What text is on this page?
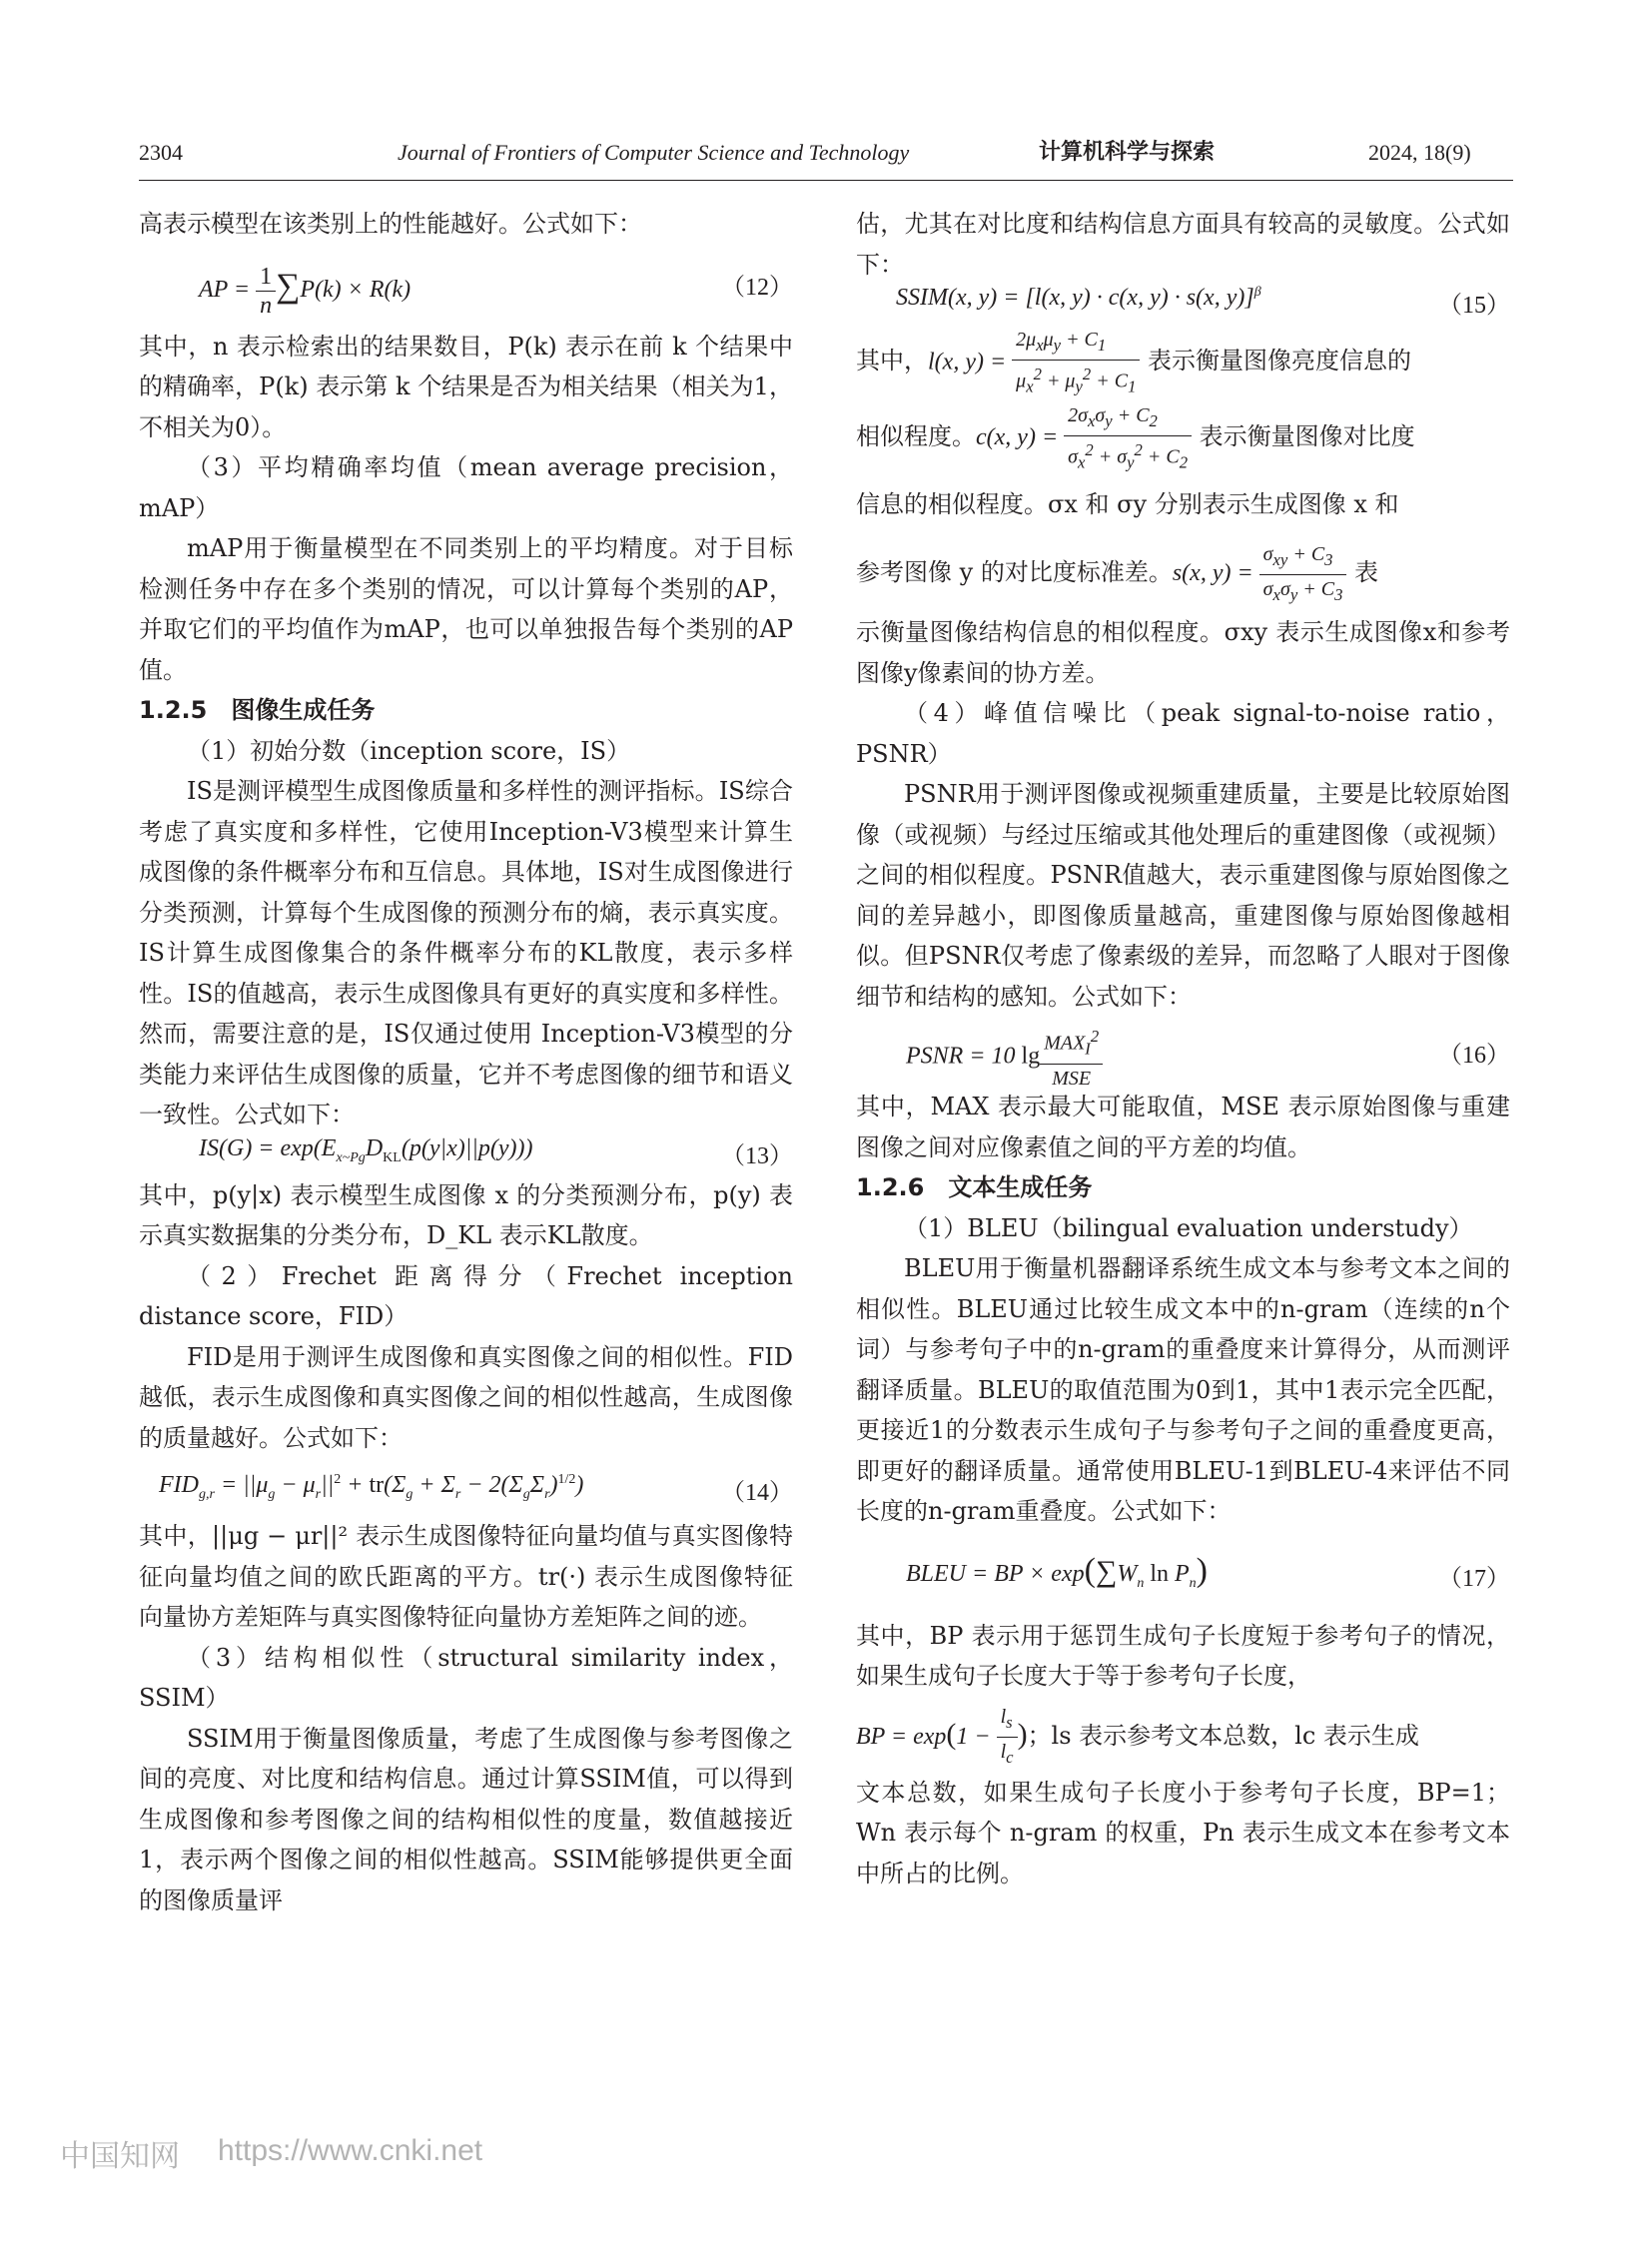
2304	Journal of Frontiers of Computer Science and Technology	计算机科学与探索	2024, 18(9)

高表示模型在该类别上的性能越好。公式如下：

AP = $\frac{1}{n} \sum P(k) \times R(k)$	（12）

其中，n 表示检索出的结果数目，P(k) 表示在前 k 个结果中的精确率，P(k) 表示第 k 个结果是否为相关结果（相关为1，不相关为0）。

（3）平均精确率均值（mean average precision，mAP）

mAP用于衡量模型在不同类别上的平均精度。对于目标检测任务中存在多个类别的情况，可以计算每个类别的AP，并取它们的平均值作为mAP，也可以单独报告每个类别的AP值。

1.2.5　图像生成任务

（1）初始分数（inception score，IS）

IS是测评模型生成图像质量和多样性的测评指标。IS综合考虑了真实度和多样性，它使用Inception-V3模型来计算生成图像的条件概率分布和互信息。具体地，IS对生成图像进行分类预测，计算每个生成图像的预测分布的熵，表示真实度。IS计算生成图像集合的条件概率分布的KL散度，表示多样性。IS的值越高，表示生成图像具有更好的真实度和多样性。然而，需要注意的是，IS仅通过使用 Inception-V3模型的分类能力来评估生成图像的质量，它并不考虑图像的细节和语义一致性。公式如下：

$IS(G) = \exp(E_{x\sim Pg}D_{KL}(p(y|x)||p(y)))$	（13）

其中，p(y|x) 表示模型生成图像 x 的分类预测分布，p(y) 表示真实数据集的分类分布，D_KL 表示KL散度。

（2）Frechet 距离得分（Frechet inception distance score，FID）

FID是用于测评生成图像和真实图像之间的相似性。FID越低，表示生成图像和真实图像之间的相似性越高，生成图像的质量越好。公式如下：

$FID_{g,r} = ||\mu_g - \mu_r||^2 + tr(\Sigma_g + \Sigma_r - 2(\Sigma_g\Sigma_r)^{1/2})$	（14）

其中，||μg − μr||² 表示生成图像特征向量均值与真实图像特征向量均值之间的欧氏距离的平方。tr(·) 表示生成图像特征向量协方差矩阵与真实图像特征向量协方差矩阵之间的迹。

（3）结构相似性（structural similarity index，SSIM）

SSIM用于衡量图像质量，考虑了生成图像与参考图像之间的亮度、对比度和结构信息。通过计算SSIM值，可以得到生成图像和参考图像之间的结构相似性的度量，数值越接近1，表示两个图像之间的相似性越高。SSIM能够提供更全面的图像质量评

估，尤其在对比度和结构信息方面具有较高的灵敏度。公式如下：

SSIM(x, y) = [l(x, y) · c(x, y) · s(x, y)]$^\beta$
（15）

其中，l(x, $y) = \frac{2\mu_x\mu_y + C_1}{\mu_x^2 + \mu_y^2 + C_1}$ 表示衡量图像亮度信息的

相似程度。c(x, $y) = \frac{2\sigma_x\sigma_y + C_2}{\sigma_x^2 + \sigma_y^2 + C_2}$ 表示衡量图像对比度

信息的相似程度。σx 和 σy 分别表示生成图像 x 和

参考图像 y 的对比度标准差。s(x, $y) = \frac{\sigma_{xy} + C_3}{\sigma_x\sigma_y + C_3}$ 表

示衡量图像结构信息的相似程度。σxy 表示生成图像x和参考图像y像素间的协方差。

（4）峰值信噪比（peak signal-to-noise ratio，PSNR）

PSNR用于测评图像或视频重建质量，主要是比较原始图像（或视频）与经过压缩或其他处理后的重建图像（或视频）之间的相似程度。PSNR值越大，表示重建图像与原始图像之间的差异越小，即图像质量越高，重建图像与原始图像越相似。但PSNR仅考虑了像素级的差异，而忽略了人眼对于图像细节和结构的感知。公式如下：

PSNR = 10 $\lg \frac{MAX_I^2}{\text{MSE}}$	（16）

其中，MAX 表示最大可能取值，MSE 表示原始图像与重建图像之间对应像素值之间的平方差的均值。

1.2.6　文本生成任务

（1）BLEU（bilingual evaluation understudy）

BLEU用于衡量机器翻译系统生成文本与参考文本之间的相似性。BLEU通过比较生成文本中的n-gram（连续的n个词）与参考句子中的n-gram的重叠度来计算得分，从而测评翻译质量。BLEU的取值范围为0到1，其中1表示完全匹配，更接近1的分数表示生成句子与参考句子之间的重叠度更高，即更好的翻译质量。通常使用BLEU-1到BLEU-4来评估不同长度的n-gram重叠度。公式如下：

BLEU = BP × $\exp(\sum W_n$ $\ln P_n$)	（17）

其中，BP 表示用于惩罚生成句子长度短于参考句子的情况，如果生成句子长度大于等于参考句子长度，

BP = $\exp(1 - \frac{l_s}{l_c}$ )；ls 表示参考文本总数，lc 表示生成

文本总数，如果生成句子长度小于参考句子长度，BP=1；Wn 表示每个 n-gram 的权重，Pn 表示生成文本在参考文本中所占的比例。

中国知网 https://www.cnki.net
